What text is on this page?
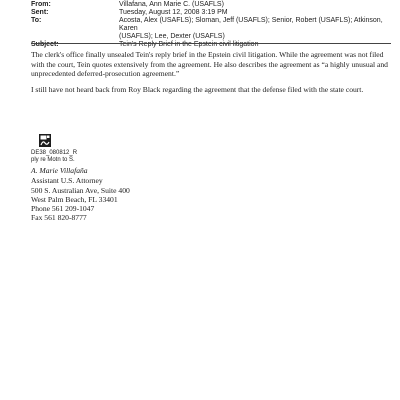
From:	Villafana, Ann Marie C. (USAFLS)
Sent:	Tuesday, August 12, 2008 3:19 PM
To:	Acosta, Alex (USAFLS); Sloman, Jeff (USAFLS); Senior, Robert (USAFLS); Atkinson, Karen
(USAFLS); Lee, Dexter (USAFLS)
Subject:	Tein's Reply Brief in the Epstein civil litigation

The clerk's office finally unsealed Tein's reply brief in the Epstein civil litigation. While the agreement was not filed with the court, Tein quotes extensively from the agreement. He also describes the agreement as “a highly unusual and unprecedented deferred-prosecution agreement.”

I still have not heard back from Roy Black regarding the agreement that the defense filed with the state court.

DE38_080812_R
ply re Motn to S.
A. Marie Villafaña
Assistant U.S. Attorney
500 S. Australian Ave, Suite 400
West Palm Beach, FL 33401
Phone 561 209-1047
Fax 561 820-8777
